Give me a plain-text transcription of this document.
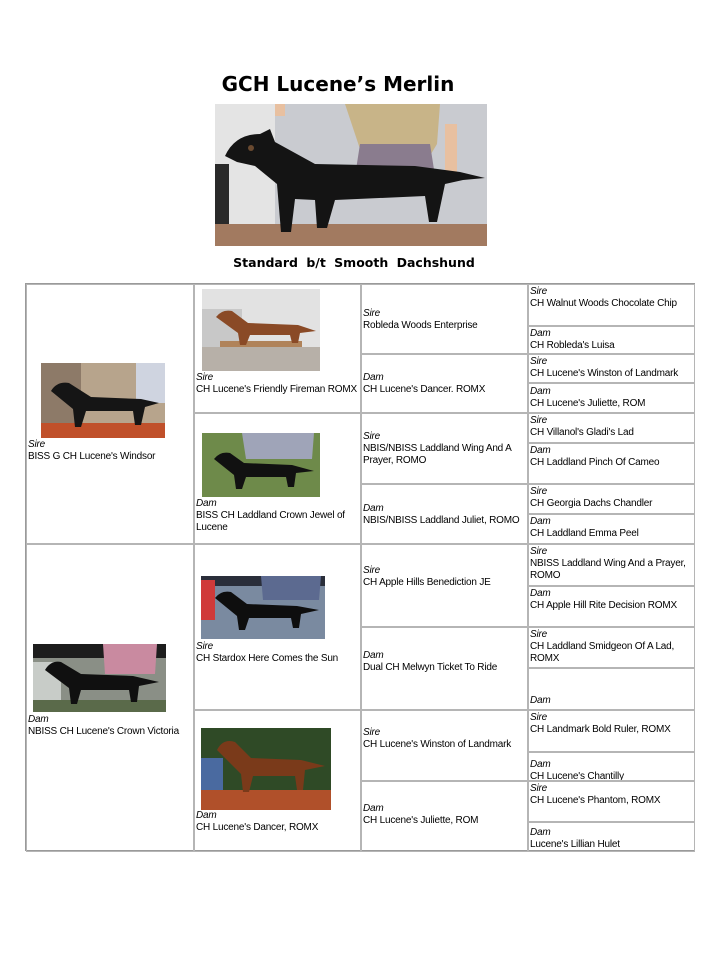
GCH Lucene’s Merlin
Standard b/t Smooth Dachshund
Sire
BISS G CH Lucene's Windsor
Dam
NBISS CH Lucene's Crown Victoria
Sire
CH Lucene's Friendly Fireman ROMX
Dam
BISS CH Laddland Crown Jewel of Lucene
Sire
CH Stardox Here Comes the Sun
Dam
CH Lucene's Dancer, ROMX
Sire
Robleda Woods Enterprise
Dam
CH Lucene's Dancer. ROMX
Sire
NBIS/NBISS Laddland Wing And A Prayer, ROMO
Dam
NBIS/NBISS Laddland Juliet, ROMO
Sire
CH Apple Hills Benediction JE
Dam
Dual CH Melwyn Ticket To Ride
Sire
CH Lucene's Winston of Landmark
Dam
CH Lucene's Juliette, ROM
Sire
CH Walnut Woods Chocolate Chip
Dam
CH Robleda's Luisa
Sire
CH Lucene's Winston of Landmark
Dam
CH Lucene's Juliette, ROM
Sire
CH Villanol's Gladi's Lad
Dam
CH Laddland Pinch Of Cameo
Sire
CH Georgia Dachs Chandler
Dam
CH Laddland Emma Peel
Sire
NBISS Laddland Wing And a Prayer, ROMO
Dam
CH Apple Hill Rite Decision ROMX
Sire
CH Laddland Smidgeon Of A Lad, ROMX

Dam

Sire
CH Landmark Bold Ruler, ROMX
Dam
CH Lucene's Chantilly
Sire
CH Lucene's Phantom, ROMX
Dam
Lucene's Lillian Hulet
